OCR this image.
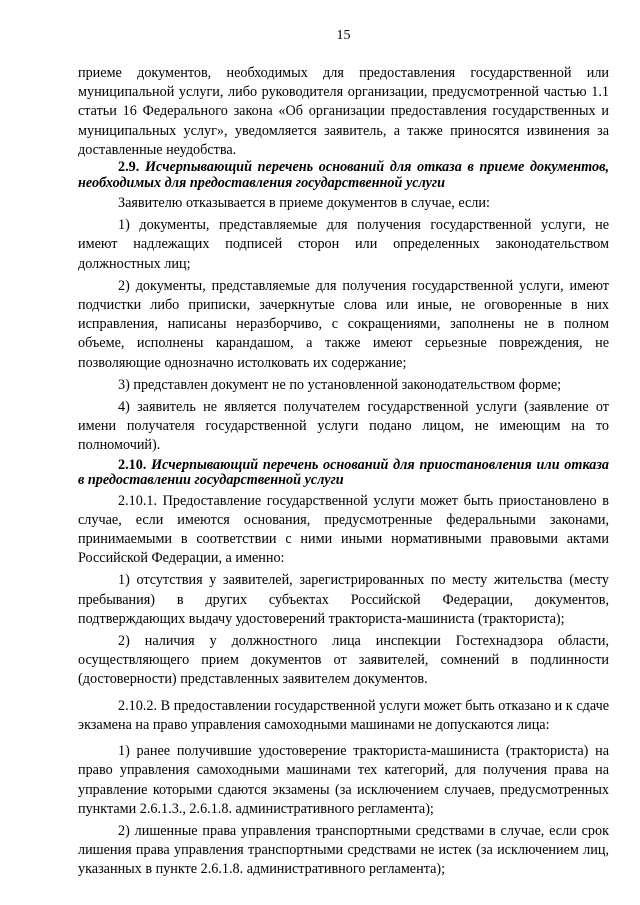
15

приеме документов, необходимых для предоставления государственной или муниципальной услуги, либо руководителя организации, предусмотренной частью 1.1 статьи 16 Федерального закона «Об организации предоставления государственных и муниципальных услуг», уведомляется заявитель, а также приносятся извинения за доставленные неудобства.

2.9. Исчерпывающий перечень оснований для отказа в приеме документов, необходимых для предоставления государственной услуги

Заявителю отказывается в приеме документов в случае, если:

1) документы, представляемые для получения государственной услуги, не имеют надлежащих подписей сторон или определенных законодательством должностных лиц;

2) документы, представляемые для получения государственной услуги, имеют подчистки либо приписки, зачеркнутые слова или иные, не оговоренные в них исправления, написаны неразборчиво, с сокращениями, заполнены не в полном объеме, исполнены карандашом, а также имеют серьезные повреждения, не позволяющие однозначно истолковать их содержание;

3) представлен документ не по установленной законодательством форме;

4) заявитель не является получателем государственной услуги (заявление от имени получателя государственной услуги подано лицом, не имеющим на то полномочий).

2.10. Исчерпывающий перечень оснований для приостановления или отказа в предоставлении государственной услуги

2.10.1. Предоставление государственной услуги может быть приостановлено в случае, если имеются основания, предусмотренные федеральными законами, принимаемыми в соответствии с ними иными нормативными правовыми актами Российской Федерации, а именно:

1) отсутствия у заявителей, зарегистрированных по месту жительства (месту пребывания) в других субъектах Российской Федерации, документов, подтверждающих выдачу удостоверений тракториста-машиниста (тракториста);

2) наличия у должностного лица инспекции Гостехнадзора области, осуществляющего прием документов от заявителей, сомнений в подлинности (достоверности) представленных заявителем документов.

2.10.2. В предоставлении государственной услуги может быть отказано и к сдаче экзамена на право управления самоходными машинами не допускаются лица:

1) ранее получившие удостоверение тракториста-машиниста (тракториста) на право управления самоходными машинами тех категорий, для получения права на управление которыми сдаются экзамены (за исключением случаев, предусмотренных пунктами 2.6.1.3., 2.6.1.8. административного регламента);

2) лишенные права управления транспортными средствами в случае, если срок лишения права управления транспортными средствами не истек (за исключением лиц, указанных в пункте 2.6.1.8. административного регламента);
